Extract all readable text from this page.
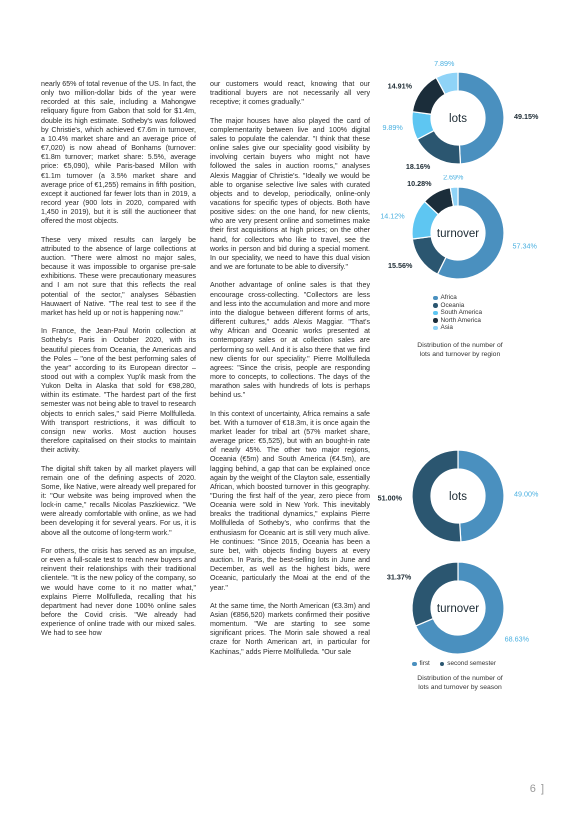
nearly 65% of total revenue of the US. In fact, the only two million-dollar bids of the year were recorded at this sale, including a Mahongwe reliquary figure from Gabon that sold for $1.4m, double its high estimate. Sotheby's was followed by Christie's, which achieved €7.6m in turnover, a 10.4% market share and an average price of €7,020) is now ahead of Bonhams (turnover: €1.8m turnover; market share: 5.5%, average price: €5,090), while Paris-based Millon with €1.1m turnover (a 3.5% market share and average price of €1,255) remains in fifth position, except it auctioned far fewer lots than in 2019, a record year (900 lots in 2020, compared with 1,450 in 2019), but it is still the auctioneer that offered the most objects.

These very mixed results can largely be attributed to the absence of large collections at auction. "There were almost no major sales, because it was impossible to organise pre-sale exhibitions. These were precautionary measures and I am not sure that this reflects the real potential of the sector," analyses Sébastien Hauwaert of Native. "The real test to see if the market has held up or not is happening now."

In France, the Jean-Paul Morin collection at Sotheby's Paris in October 2020, with its beautiful pieces from Oceania, the Americas and the Poles – "one of the best performing sales of the year" according to its European director – stood out with a complex Yup'ik mask from the Yukon Delta in Alaska that sold for €98,280, within its estimate. "The hardest part of the first semester was not being able to travel to research objects to enrich sales," said Pierre Mollfulleda. With transport restrictions, it was difficult to consign new works. Most auction houses therefore capitalised on their stocks to maintain their activity.

The digital shift taken by all market players will remain one of the defining aspects of 2020. Some, like Native, were already well prepared for it: "Our website was being improved when the lock-in came," recalls Nicolas Paszkiewicz. "We were already comfortable with online, as we had been developing it for several years. For us, it is above all the outcome of long-term work."

For others, the crisis has served as an impulse, or even a full-scale test to reach new buyers and reinvent their relationships with their traditional clientele. "It is the new policy of the company, so we would have come to it no matter what," explains Pierre Mollfulleda, recalling that his department had never done 100% online sales before the Covid crisis. "We already had experience of online trade with our mixed sales. We had to see how

our customers would react, knowing that our traditional buyers are not necessarily all very receptive; it comes gradually."

The major houses have also played the card of complementarity between live and 100% digital sales to populate the calendar. "I think that these online sales give our speciality good visibility by involving certain buyers who might not have followed the sales in auction rooms," analyses Alexis Maggiar of Christie's. "Ideally we would be able to organise selective live sales with curated objects and to develop, periodically, online-only vacations for specific types of objects. Both have positive sides: on the one hand, for new clients, who are very present online and sometimes make their first acquisitions at high prices; on the other hand, for collectors who like to travel, see the works in person and bid during a special moment. In our speciality, we need to have this dual vision and we are fortunate to be able to diversify."

Another advantage of online sales is that they encourage cross-collecting. "Collectors are less and less into the accumulation and more and more into the dialogue between different forms of arts, different cultures," adds Alexis Maggiar. "That's why African and Oceanic works presented at contemporary sales or at collection sales are performing so well. And it is also there that we find new clients for our speciality." Pierre Mollfulleda agrees: "Since the crisis, people are responding more to concepts, to collections. The days of the marathon sales with hundreds of lots is perhaps behind us."

In this context of uncertainty, Africa remains a safe bet. With a turnover of €18.3m, it is once again the market leader for tribal art (57% market share, average price: €5,525), but with an bought-in rate of nearly 45%. The other two major regions, Oceania (€5m) and South America (€4.5m), are lagging behind, a gap that can be explained once again by the weight of the Clayton sale, essentially African, which boosted turnover in this geography. "During the first half of the year, zero piece from Oceania were sold in New York. This inevitably breaks the traditional dynamics," explains Pierre Mollfulleda of Sotheby's, who confirms that the enthusiasm for Oceanic art is still very much alive. He continues: "Since 2015, Oceania has been a sure bet, with objects finding buyers at every auction. In Paris, the best-selling lots in June and December, as well as the highest bids, were Oceanic, particularly the Moai at the end of the year."

At the same time, the North American (€3.3m) and Asian (€856,520) markets confirmed their positive momentum. "We are starting to see some significant prices. The Morin sale showed a real craze for North American art, in particular for Kachinas," adds Pierre Mollfulleda. "Our sale

49.15%
18.16%
9.89%
14.91%
7.89%
lots
57.34%
15.56%
14.12%
10.28%
2.69%
turnover
Africa
Oceania
South America
North America
Asia
Distribution of the number of
lots and turnover by region
49.00%
51.00%	lots
68.63%
31.37%
turnover
first	second semester
Distribution of the number of
lots and turnover by season
6 ]
